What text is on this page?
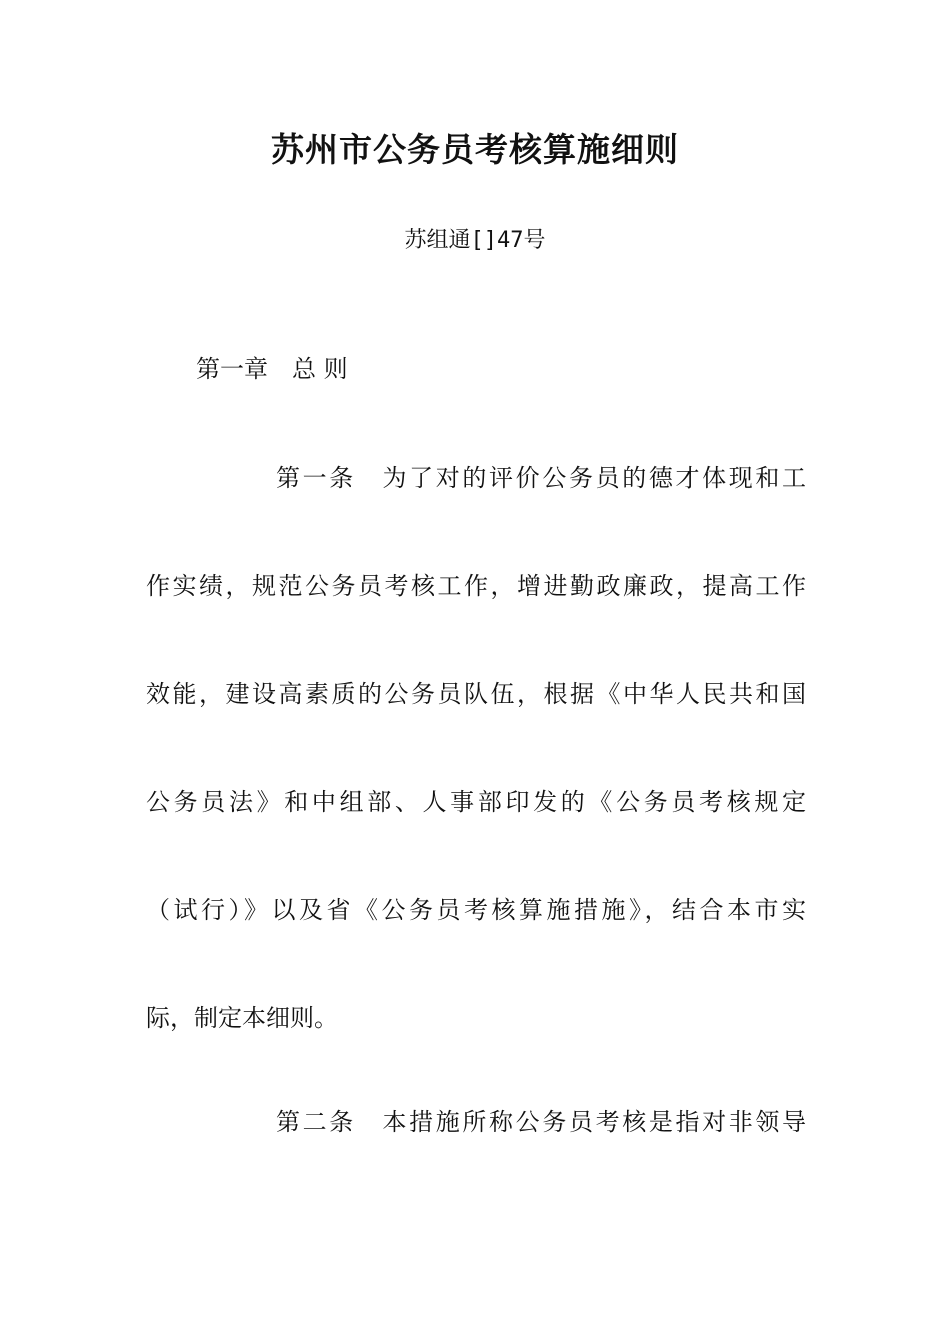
苏州市公务员考核算施细则
苏组通[]47号
第一章 总 则
第一条　为了对的评价公务员的德才体现和工
作实绩，规范公务员考核工作，增进勤政廉政，提高工作
效能，建设高素质的公务员队伍，根据《中华人民共和国
公务员法》和中组部、人事部印发的《公务员考核规定
（试行）》以及省《公务员考核算施措施》，结合本市实
际，制定本细则。
第二条　本措施所称公务员考核是指对非领导
